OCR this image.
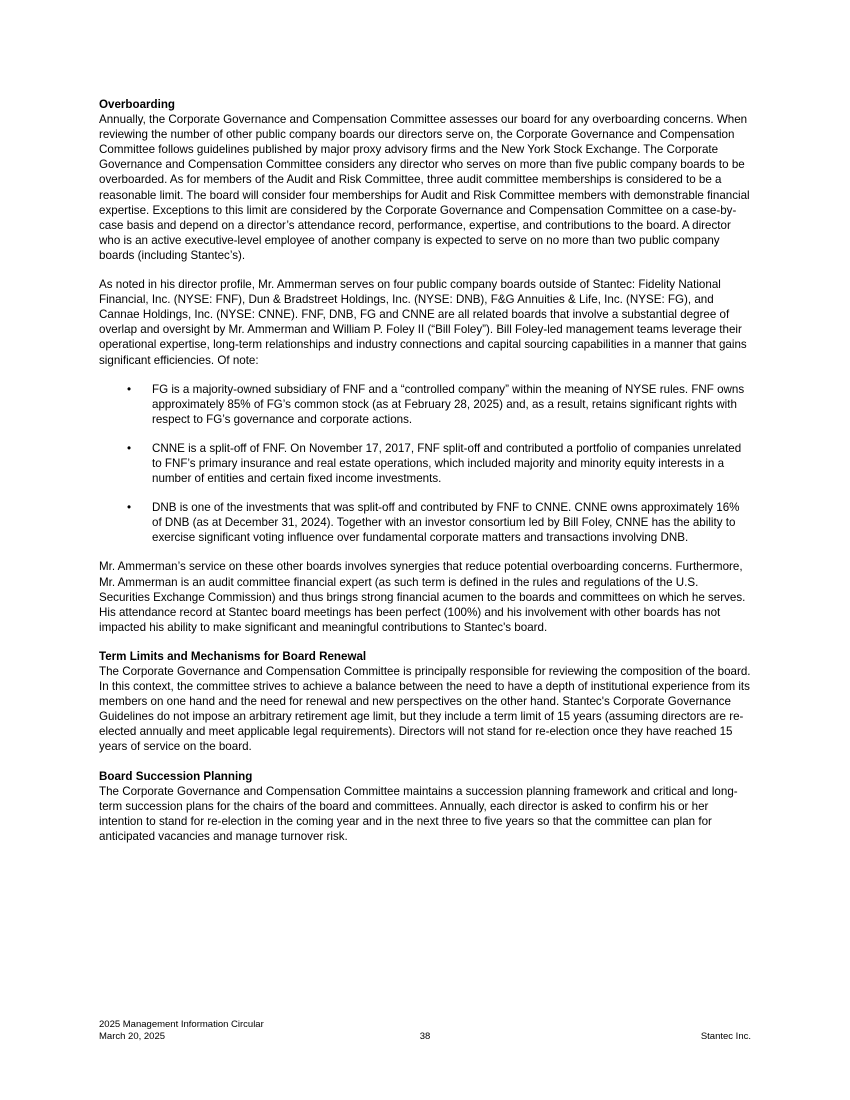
Overboarding

Annually, the Corporate Governance and Compensation Committee assesses our board for any overboarding concerns. When reviewing the number of other public company boards our directors serve on, the Corporate Governance and Compensation Committee follows guidelines published by major proxy advisory firms and the New York Stock Exchange. The Corporate Governance and Compensation Committee considers any director who serves on more than five public company boards to be overboarded. As for members of the Audit and Risk Committee, three audit committee memberships is considered to be a reasonable limit. The board will consider four memberships for Audit and Risk Committee members with demonstrable financial expertise. Exceptions to this limit are considered by the Corporate Governance and Compensation Committee on a case-by-case basis and depend on a director’s attendance record, performance, expertise, and contributions to the board. A director who is an active executive-level employee of another company is expected to serve on no more than two public company boards (including Stantec’s).

As noted in his director profile, Mr. Ammerman serves on four public company boards outside of Stantec: Fidelity National Financial, Inc. (NYSE: FNF), Dun & Bradstreet Holdings, Inc. (NYSE: DNB), F&G Annuities & Life, Inc. (NYSE: FG), and Cannae Holdings, Inc. (NYSE: CNNE). FNF, DNB, FG and CNNE are all related boards that involve a substantial degree of overlap and oversight by Mr. Ammerman and William P. Foley II (“Bill Foley”). Bill Foley-led management teams leverage their operational expertise, long-term relationships and industry connections and capital sourcing capabilities in a manner that gains significant efficiencies. Of note:

• FG is a majority-owned subsidiary of FNF and a “controlled company” within the meaning of NYSE rules. FNF owns approximately 85% of FG’s common stock (as at February 28, 2025) and, as a result, retains significant rights with respect to FG’s governance and corporate actions.
• CNNE is a split-off of FNF. On November 17, 2017, FNF split-off and contributed a portfolio of companies unrelated to FNF’s primary insurance and real estate operations, which included majority and minority equity interests in a number of entities and certain fixed income investments.
• DNB is one of the investments that was split-off and contributed by FNF to CNNE. CNNE owns approximately 16% of DNB (as at December 31, 2024). Together with an investor consortium led by Bill Foley, CNNE has the ability to exercise significant voting influence over fundamental corporate matters and transactions involving DNB.

Mr. Ammerman’s service on these other boards involves synergies that reduce potential overboarding concerns. Furthermore, Mr. Ammerman is an audit committee financial expert (as such term is defined in the rules and regulations of the U.S. Securities Exchange Commission) and thus brings strong financial acumen to the boards and committees on which he serves. His attendance record at Stantec board meetings has been perfect (100%) and his involvement with other boards has not impacted his ability to make significant and meaningful contributions to Stantec's board.

Term Limits and Mechanisms for Board Renewal

The Corporate Governance and Compensation Committee is principally responsible for reviewing the composition of the board. In this context, the committee strives to achieve a balance between the need to have a depth of institutional experience from its members on one hand and the need for renewal and new perspectives on the other hand. Stantec's Corporate Governance Guidelines do not impose an arbitrary retirement age limit, but they include a term limit of 15 years (assuming directors are re-elected annually and meet applicable legal requirements). Directors will not stand for re-election once they have reached 15 years of service on the board.

Board Succession Planning

The Corporate Governance and Compensation Committee maintains a succession planning framework and critical and long-term succession plans for the chairs of the board and committees. Annually, each director is asked to confirm his or her intention to stand for re-election in the coming year and in the next three to five years so that the committee can plan for anticipated vacancies and manage turnover risk.

2025 Management Information Circular
March 20, 2025	38	Stantec Inc.
